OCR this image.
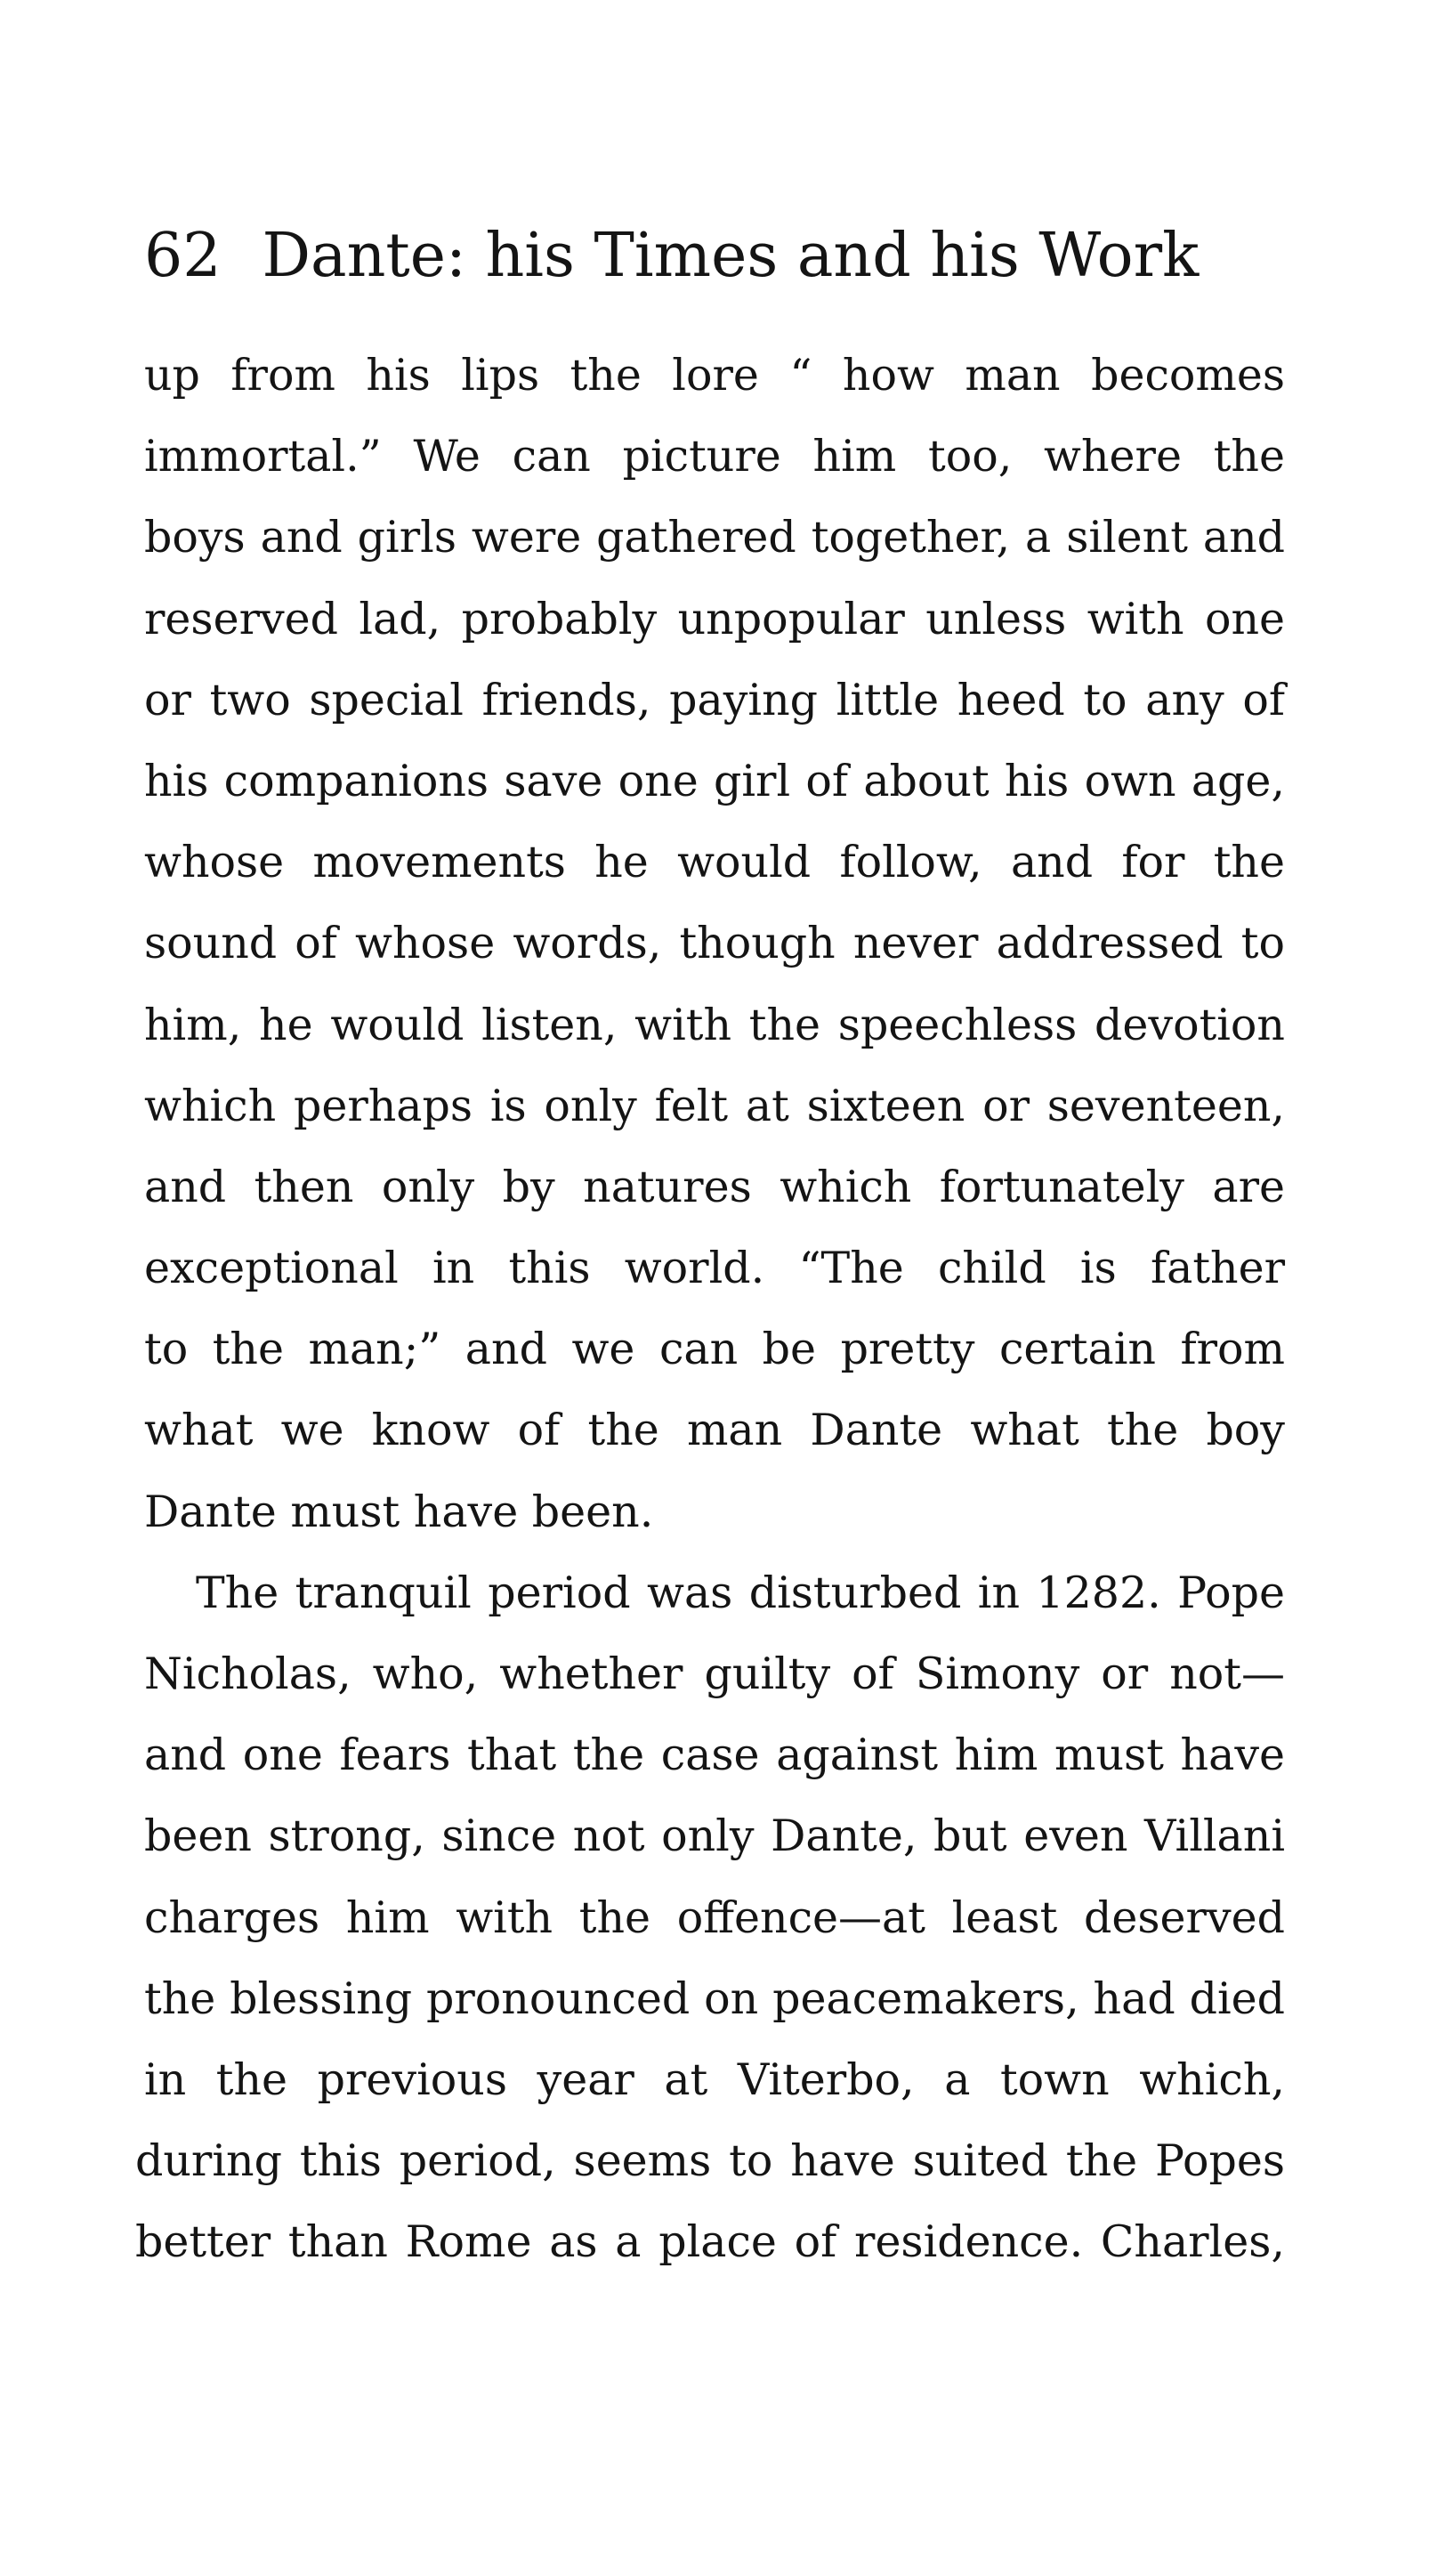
62 Dante: his Times and his Work
up from his lips the lore “ how man becomes
immortal.” We can picture him too, where the
boys and girls were gathered together, a silent and
reserved lad, probably unpopular unless with one
or two special friends, paying little heed to any of
his companions save one girl of about his own age,
whose movements he would follow, and for the
sound of whose words, though never addressed to
him, he would listen, with the speechless devotion
which perhaps is only felt at sixteen or seventeen,
and then only by natures which fortunately are
exceptional in this world. “The child is father
to the man;” and we can be pretty certain from
what we know of the man Dante what the boy
Dante must have been.
The tranquil period was disturbed in 1282. Pope
Nicholas, who, whether guilty of Simony or not—
and one fears that the case against him must have
been strong, since not only Dante, but even Villani
charges him with the offence—at least deserved
the blessing pronounced on peacemakers, had died
in the previous year at Viterbo, a town which,
during this period, seems to have suited the Popes
better than Rome as a place of residence. Charles,
